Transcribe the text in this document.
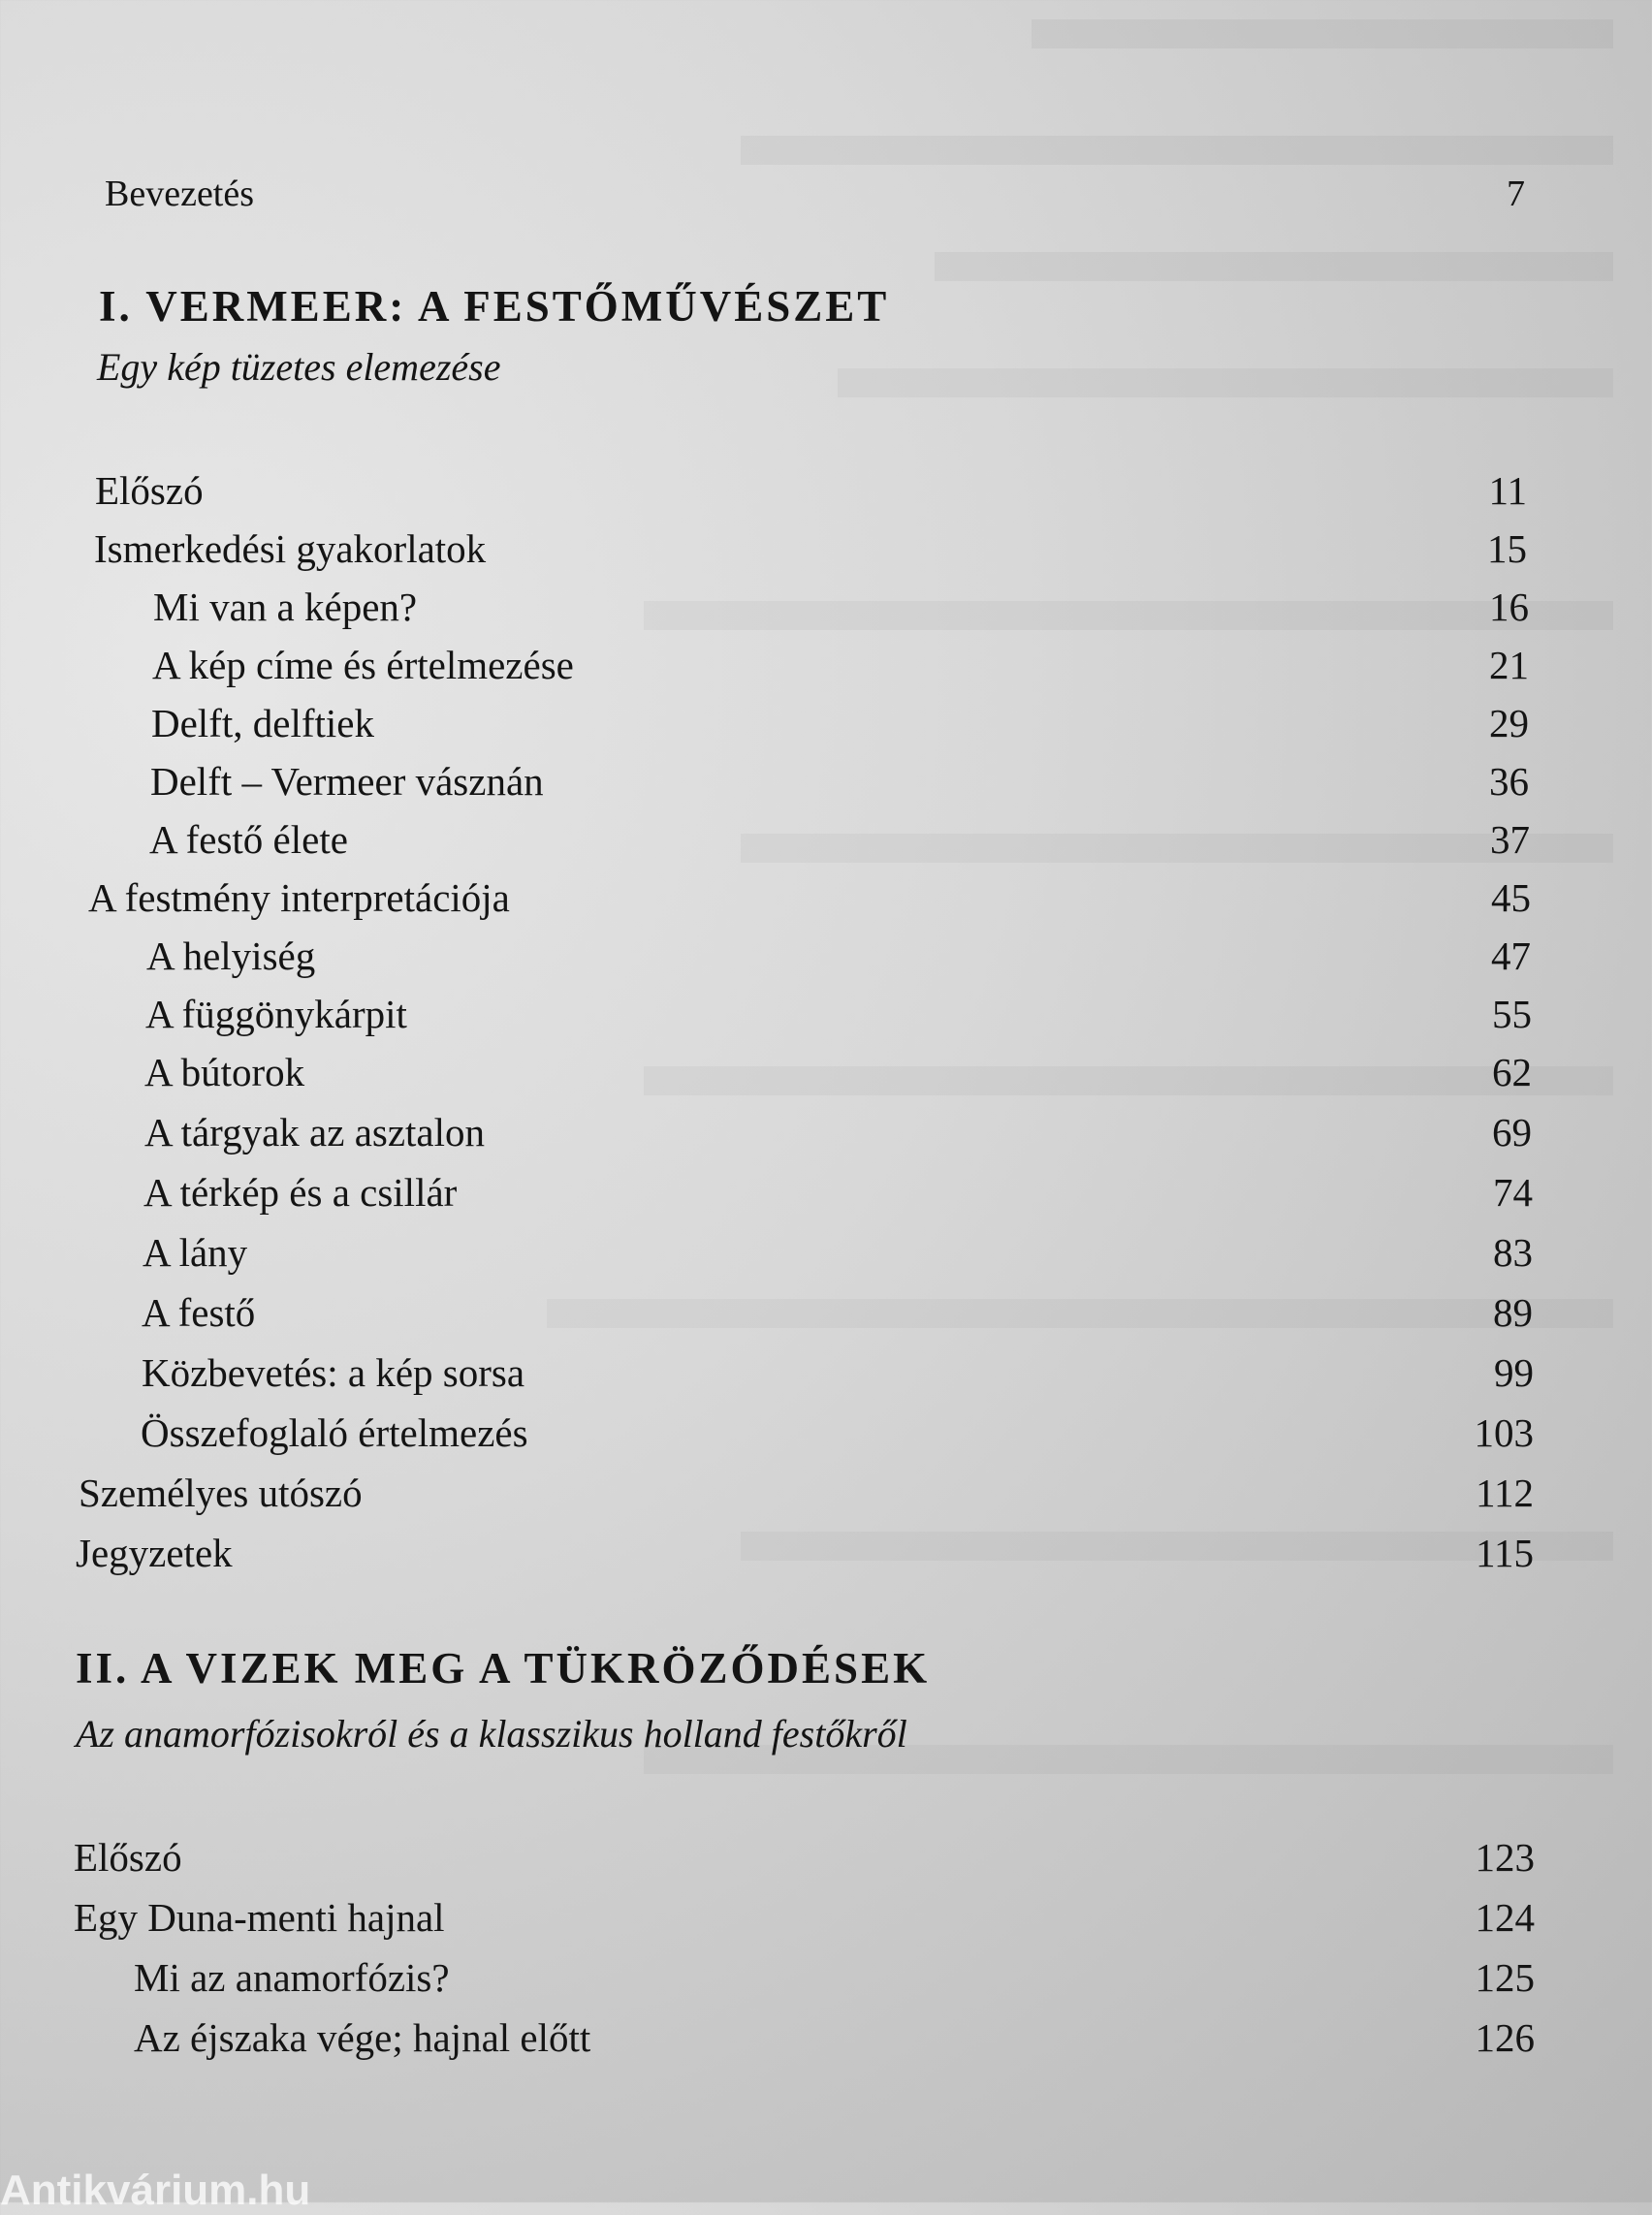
Bevezetés	7
I. VERMEER: A FESTŐMŰVÉSZET
Egy kép tüzetes elemezése
Előszó	11
Ismerkedési gyakorlatok	15
Mi van a képen?	16
A kép címe és értelmezése	21
Delft, delftiek	29
Delft – Vermeer vásznán	36
A festő élete	37
A festmény interpretációja	45
A helyiség	47
A függönykárpit	55
A bútorok	62
A tárgyak az asztalon	69
A térkép és a csillár	74
A lány	83
A festő	89
Közbevetés: a kép sorsa	99
Összefoglaló értelmezés	103
Személyes utószó	112
Jegyzetek	115
II. A VIZEK MEG A TÜKRÖZŐDÉSEK
Az anamorfózisokról és a klasszikus holland festőkről
Előszó	123
Egy Duna-menti hajnal	124
Mi az anamorfózis?	125
Az éjszaka vége; hajnal előtt	126
Antikvárium.hu
